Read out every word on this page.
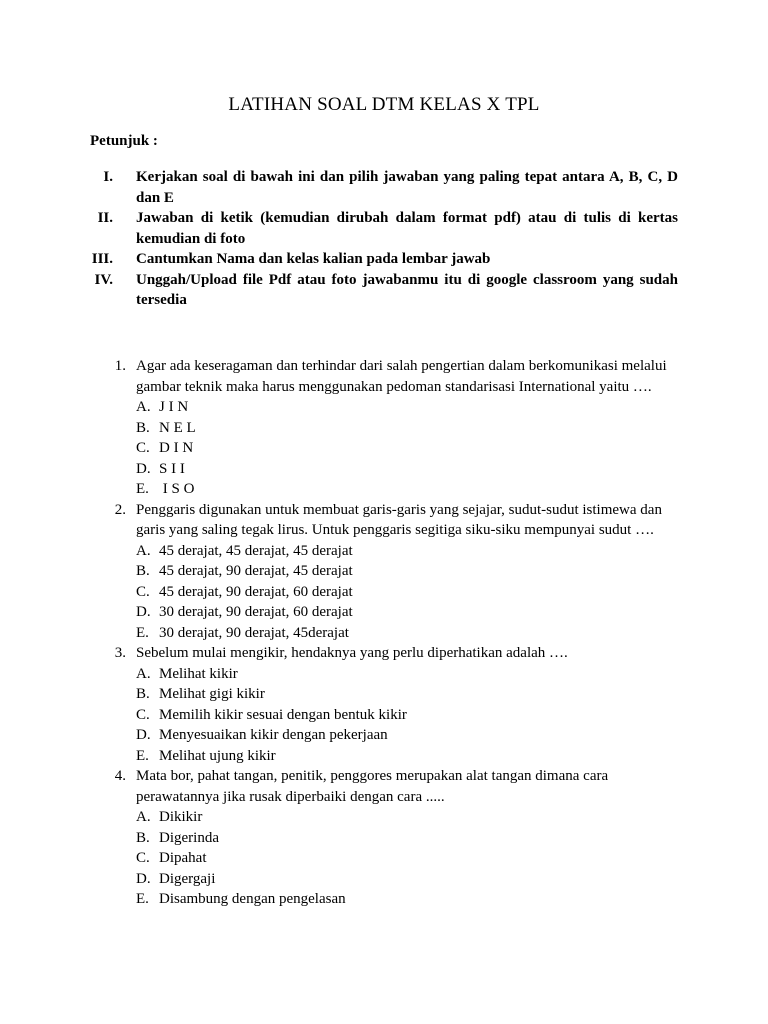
LATIHAN SOAL DTM KELAS X TPL
Petunjuk :
I. Kerjakan soal di bawah ini dan pilih jawaban yang paling tepat antara A, B, C, D dan E
II. Jawaban di ketik (kemudian dirubah dalam format pdf) atau di tulis di kertas kemudian di foto
III. Cantumkan Nama dan kelas kalian pada lembar jawab
IV. Unggah/Upload file Pdf atau foto jawabanmu itu di google classroom yang sudah tersedia
1. Agar ada keseragaman dan terhindar dari salah pengertian dalam berkomunikasi melalui gambar teknik maka harus menggunakan pedoman standarisasi International yaitu ….
A. J I N
B. N E L
C. D I N
D. S I I
E. I S O
2. Penggaris digunakan untuk membuat garis-garis yang sejajar, sudut-sudut istimewa dan garis yang saling tegak lirus. Untuk penggaris segitiga siku-siku mempunyai sudut ….
A. 45 derajat, 45 derajat, 45 derajat
B. 45 derajat, 90 derajat, 45 derajat
C. 45 derajat, 90 derajat, 60 derajat
D. 30 derajat, 90 derajat, 60 derajat
E. 30 derajat, 90 derajat, 45derajat
3. Sebelum mulai mengikir, hendaknya yang perlu diperhatikan adalah ….
A. Melihat kikir
B. Melihat gigi kikir
C. Memilih kikir sesuai dengan bentuk kikir
D. Menyesuaikan kikir dengan pekerjaan
E. Melihat ujung kikir
4. Mata bor, pahat tangan, penitik, penggores merupakan alat tangan dimana cara perawatannya jika rusak diperbaiki dengan cara .....
A. Dikikir
B. Digerinda
C. Dipahat
D. Digergaji
E. Disambung dengan pengelasan
